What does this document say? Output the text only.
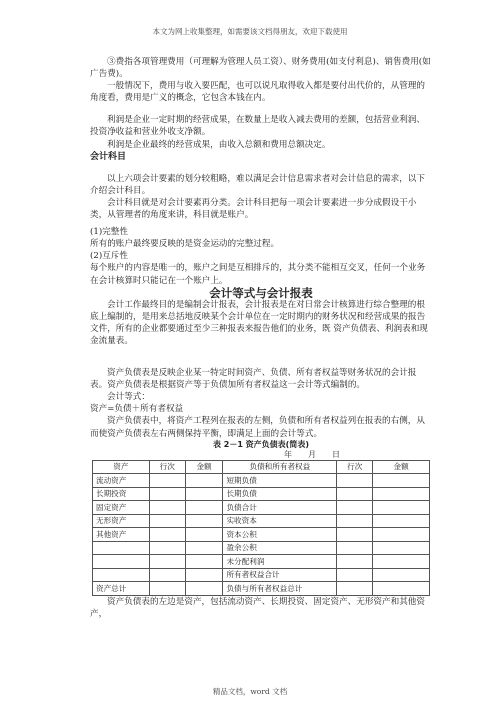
本文为网上收集整理，如需要该文档得朋友，欢迎下载使用

③费指各项管理费用（可理解为管理人员工资）、财务费用(如支付利息)、销售费用(如广告费)。

一般情况下，费用与收入要匹配，也可以说凡取得收入都是要付出代价的，从管理的角度看，费用是广义的概念，它包含本钱在内。

利润是企业一定时期的经营成果，在数量上是收入减去费用的差额，包括营业利润、投资净收益和营业外收支净额。

利润是企业最终的经营成果，由收入总额和费用总额决定。

会计科目

以上六项会计要素的划分较粗略，难以满足会计信息需求者对会计信息的需求，以下介绍会计科目。

会计科目就是对会计要素再分类。会计科目把每一项会计要素进一步分成假设干小类，从管理者的角度来讲，科目就是账户。

(1)完整性

所有的账户最终要反映的是资金运动的完整过程。

(2)互斥性

每个账户的内容是唯一的，账户之间是互相排斥的，其分类不能相互交叉，任何一个业务在会计核算时只能记在一个账户上。

会计等式与会计报表

会计工作最终目的是编制会计报表，会计报表是在对日常会计核算进行综合整理的根底上编制的，是用来总括地反映某个会计单位在一定时期内的财务状况和经营成果的报告文件，所有的企业都要通过至少三种报表来报告他们的业务，既 资产负债表、利润表和现金流量表。

资产负债表是反映企业某一特定时间资产、负债、所有者权益等财务状况的会计报表。资产负债表是根据资产等于负债加所有者权益这一会计等式编制的。

会计等式：

资产=负债＋所有者权益

资产负债表中，将资产工程列在报表的左侧，负债和所有者权益列在报表的右侧，从而使资产负债表左右两侧保持平衡，即满足上面的会计等式。

表 2－1 资产负债表(简表)

年　　月　　日

资产	行次	金额	负债和所有者权益	行次	金额
流动资产			短期负债		
长期投资			长期负债		
固定资产			负债合计		
无形资产			实收资本		
其他资产			资本公积		
			盈余公积		
			未分配利润		
			所有者权益合计		
资产总计			负债与所有者权益总计		

资产负债表的左边是资产，包括流动资产、长期投资、固定资产、无形资产和其他资产，

精品文档，word 文档
